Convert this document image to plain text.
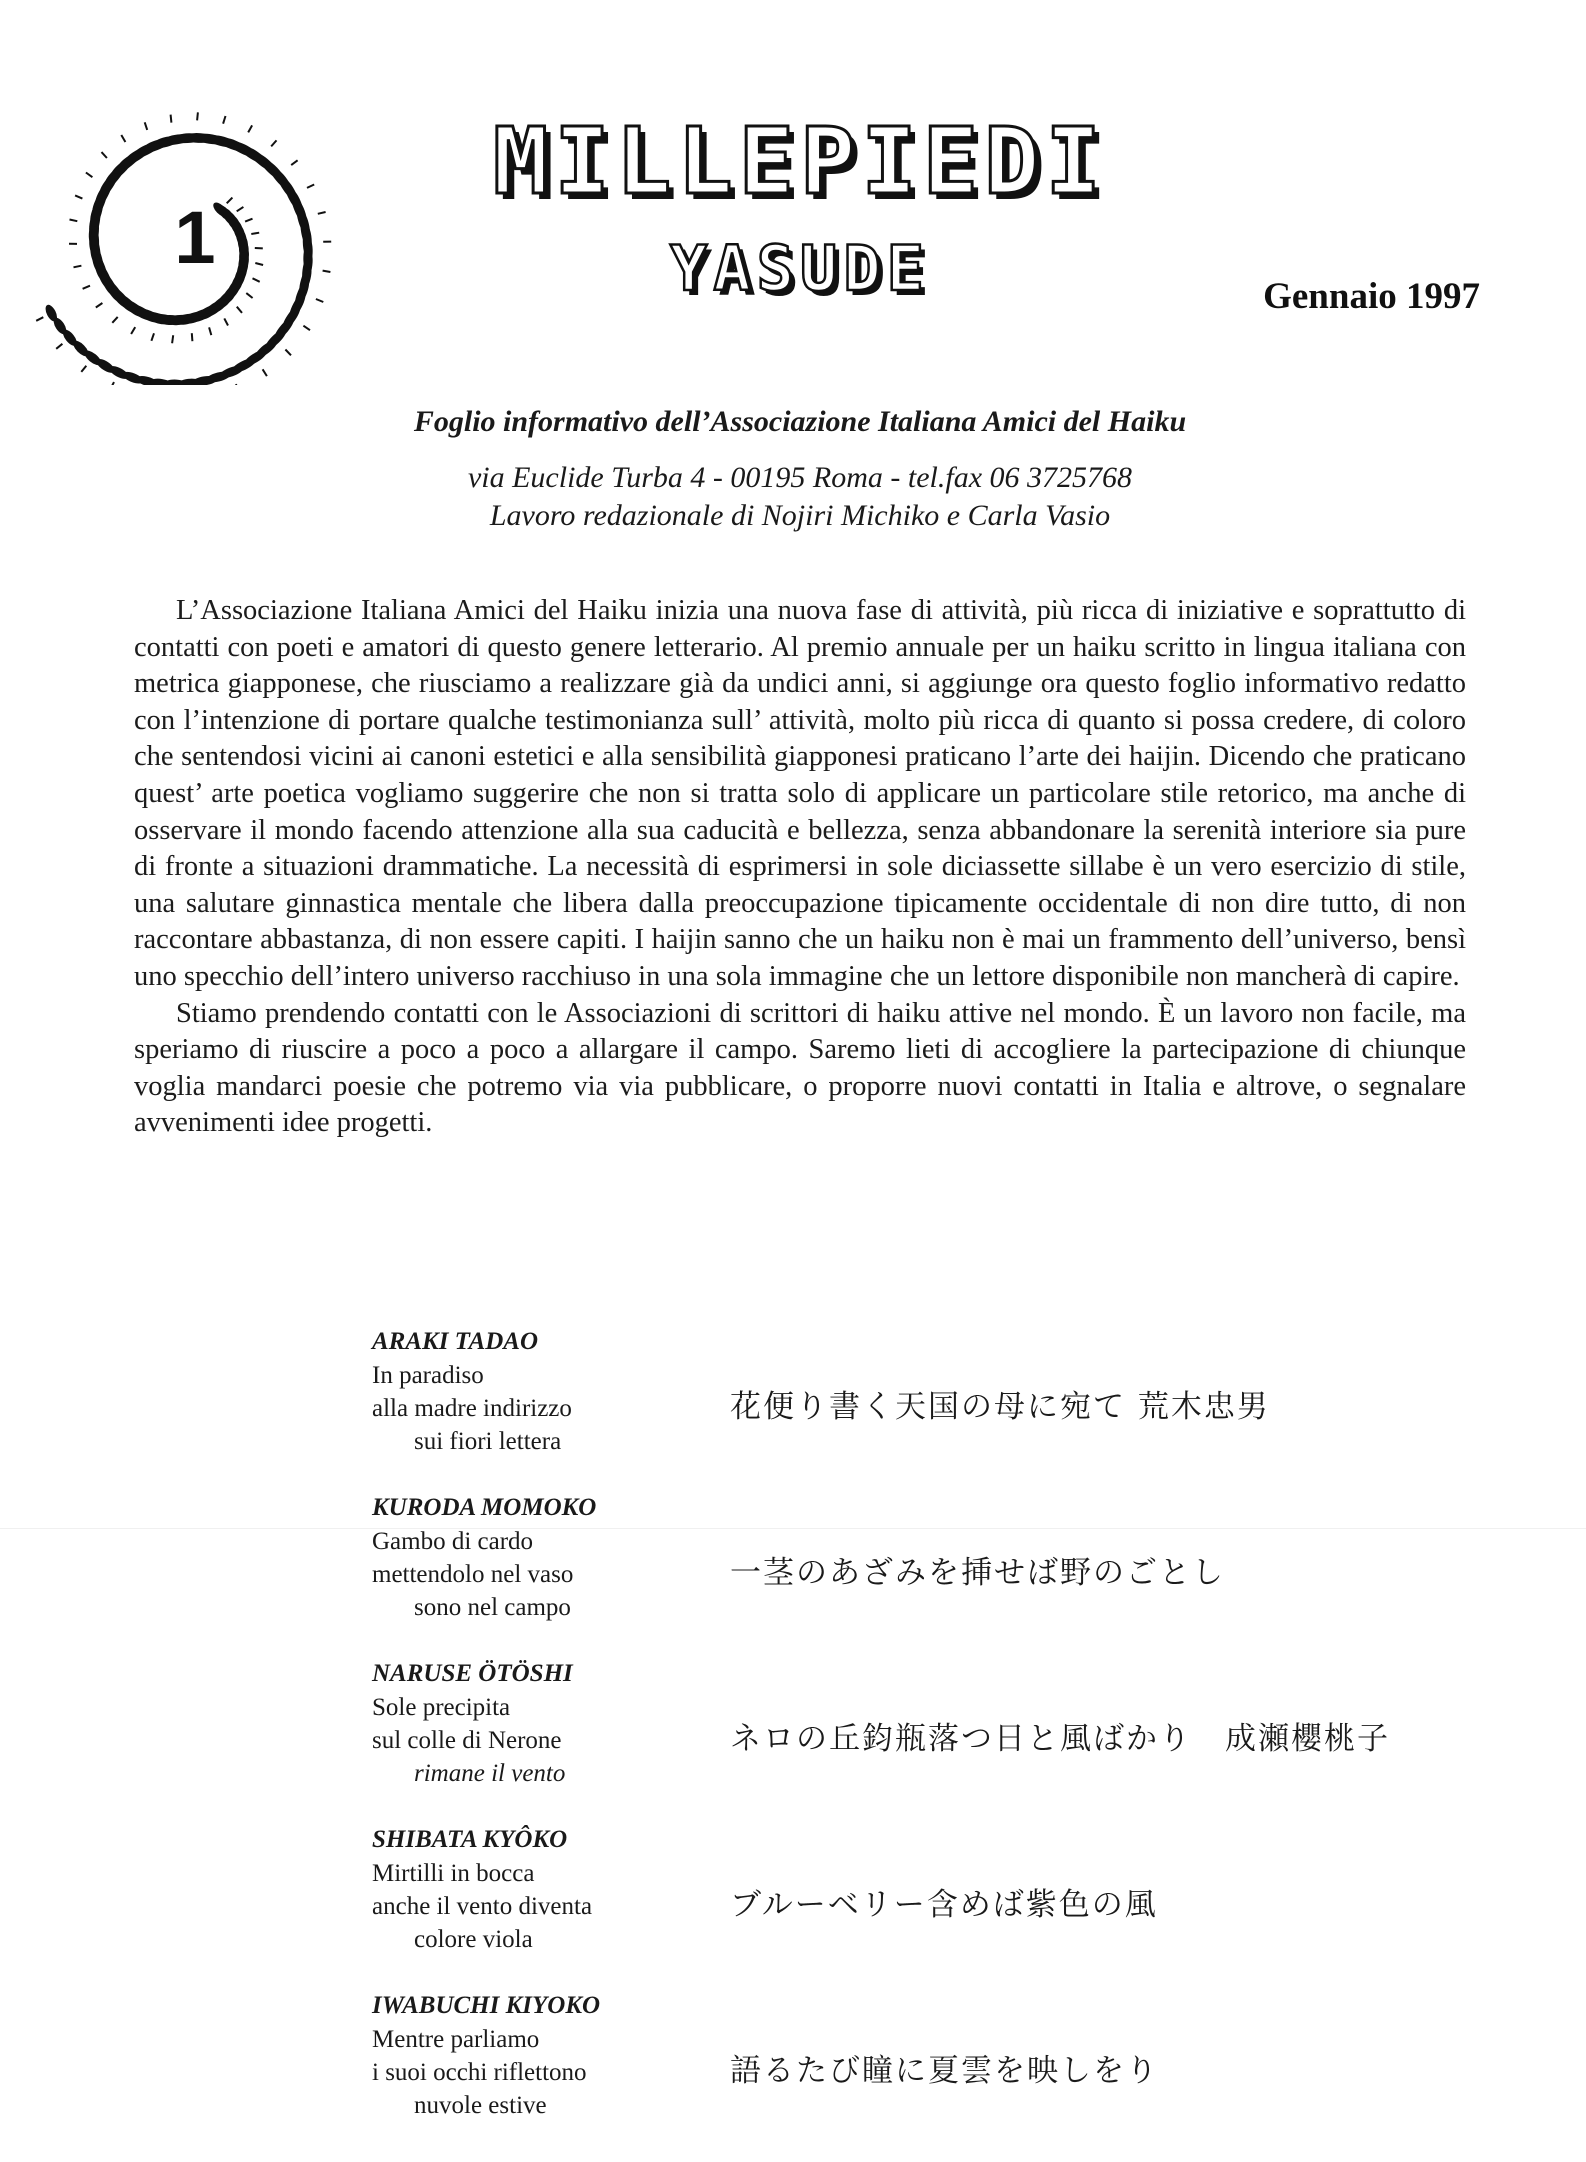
1
MILLEPIEDI
YASUDE	Gennaio 1997
Foglio informativo dell’Associazione Italiana Amici del Haiku
via Euclide Turba 4 - 00195 Roma - tel.fax 06 3725768
Lavoro redazionale di Nojiri Michiko e Carla Vasio

L’Associazione Italiana Amici del Haiku inizia una nuova fase di attività, più ricca di iniziative e soprattutto di contatti con poeti e amatori di questo genere letterario. Al premio annuale per un haiku scritto in lingua italiana con metrica giapponese, che riusciamo a realizzare già da undici anni, si aggiunge ora questo foglio informativo redatto con l’intenzione di portare qualche testimonianza sull’ attività, molto più ricca di quanto si possa credere, di coloro che sentendosi vicini ai canoni estetici e alla sensibilità giapponesi praticano l’arte dei haijin. Dicendo che praticano quest’ arte poetica vogliamo suggerire che non si tratta solo di applicare un particolare stile retorico, ma anche di osservare il mondo facendo attenzione alla sua caducità e bellezza, senza abbandonare la serenità interiore sia pure di fronte a situazioni drammatiche. La necessità di esprimersi in sole diciassette sillabe è un vero esercizio di stile, una salutare ginnastica mentale che libera dalla preoccupazione tipicamente occidentale di non dire tutto, di non raccontare abbastanza, di non essere capiti. I haijin sanno che un haiku non è mai un frammento dell’universo, bensì uno specchio dell’intero universo racchiuso in una sola immagine che un lettore disponibile non mancherà di capire.

Stiamo prendendo contatti con le Associazioni di scrittori di haiku attive nel mondo. È un lavoro non facile, ma speriamo di riuscire a poco a poco a allargare il campo. Saremo lieti di accogliere la partecipazione di chiunque voglia mandarci poesie che potremo via via pubblicare, o proporre nuovi contatti in Italia e altrove, o segnalare avvenimenti idee progetti.

ARAKI TADAO
In paradiso
alla madre indirizzo
sui fiori lettera
花便り書く天国の母に宛て 荒木忠男
KURODA MOMOKO
Gambo di cardo
mettendolo nel vaso
sono nel campo
一茎のあざみを挿せば野のごとし
NARUSE ÖTÖSHI
Sole precipita
sul colle di Nerone
rimane il vento
ネロの丘鈞瓶落つ日と風ばかり　成瀬櫻桃子
SHIBATA KYÔKO
Mirtilli in bocca
anche il vento diventa
colore viola
ブルーベリー含めば紫色の風
IWABUCHI KIYOKO
Mentre parliamo
i suoi occhi riflettono
nuvole estive
語るたび瞳に夏雲を映しをり
